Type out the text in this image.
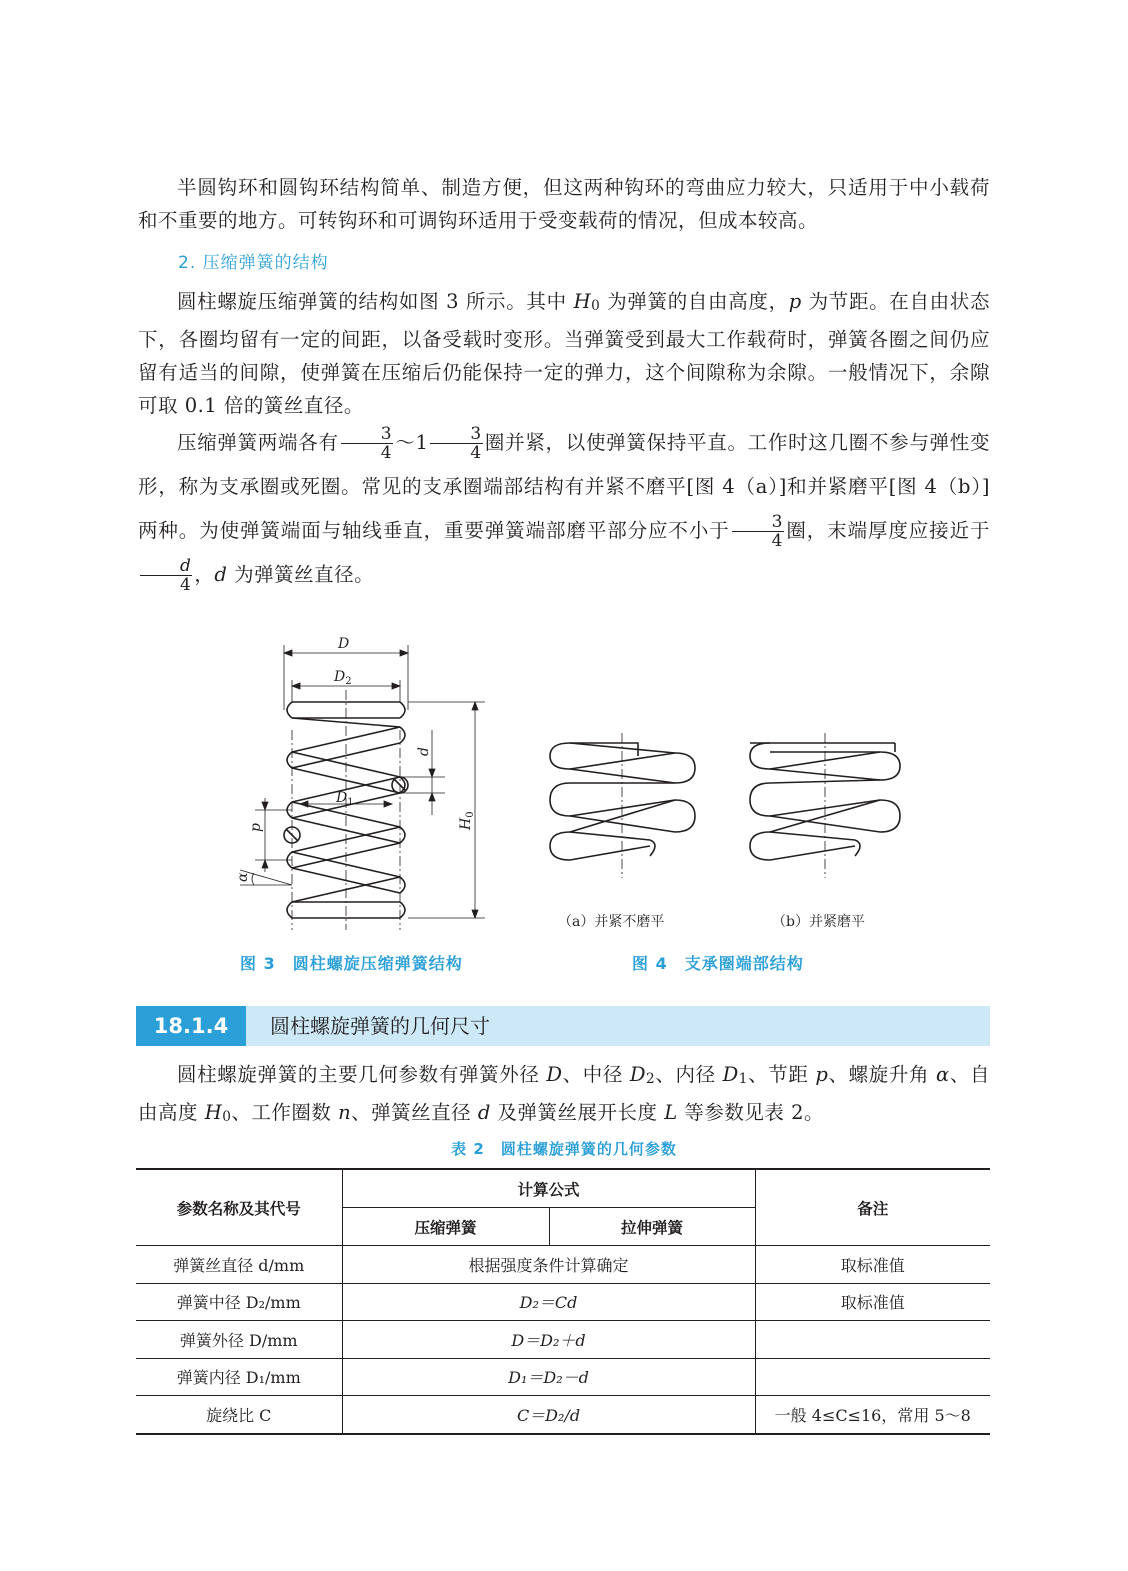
半圆钩环和圆钩环结构简单、制造方便，但这两种钩环的弯曲应力较大，只适用于中小载荷和不重要的地方。可转钩环和可调钩环适用于受变载荷的情况，但成本较高。

2. 压缩弹簧的结构

圆柱螺旋压缩弹簧的结构如图 3 所示。其中 $H_0$ 为弹簧的自由高度，p 为节距。在自由状态下，各圈均留有一定的间距，以备受载时变形。当弹簧受到最大工作载荷时，弹簧各圈之间仍应留有适当的间隙，使弹簧在压缩后仍能保持一定的弹力，这个间隙称为余隙。一般情况下，余隙可取 0.1 倍的簧丝直径。

压缩弹簧两端各有 $\frac{3}{4}$ ～1 $\frac{3}{4}$ 圈并紧，以使弹簧保持平直。工作时这几圈不参与弹性变形，称为支承圈或死圈。常见的支承圈端部结构有并紧不磨平[图 4（a）]和并紧磨平[图 4（b）]两种。为使弹簧端面与轴线垂直，重要弹簧端部磨平部分应不小于 $\frac{3}{4}$ 圈，末端厚度应接近于
$\frac{d}{4}$ ，d 为弹簧丝直径。

D
$D_2$
$D_1$
d
p
α
$H_0$
（a）并紧不磨平	（b）并紧磨平
图 3　圆柱螺旋压缩弹簧结构	图 4　支承圈端部结构
18.1.4	圆柱螺旋弹簧的几何尺寸

圆柱螺旋弹簧的主要几何参数有弹簧外径 D、中径 $D_2$、内径 $D_1$、节距 p、螺旋升角 α、自由高度 $H_0$、工作圈数 n、弹簧丝直径 d 及弹簧丝展开长度 L 等参数见表 2。

表 2　圆柱螺旋弹簧的几何参数
参数名称及其代号	计算公式		备注
	压缩弹簧	拉伸弹簧	
弹簧丝直径 d/mm	根据强度条件计算确定		取标准值
弹簧中径 D₂/mm	D₂＝Cd		取标准值
弹簧外径 D/mm	D＝D₂＋d		
弹簧内径 D₁/mm	D₁＝D₂－d		
旋绕比 C	C＝D₂/d		一般 4≤C≤16，常用 5～8
